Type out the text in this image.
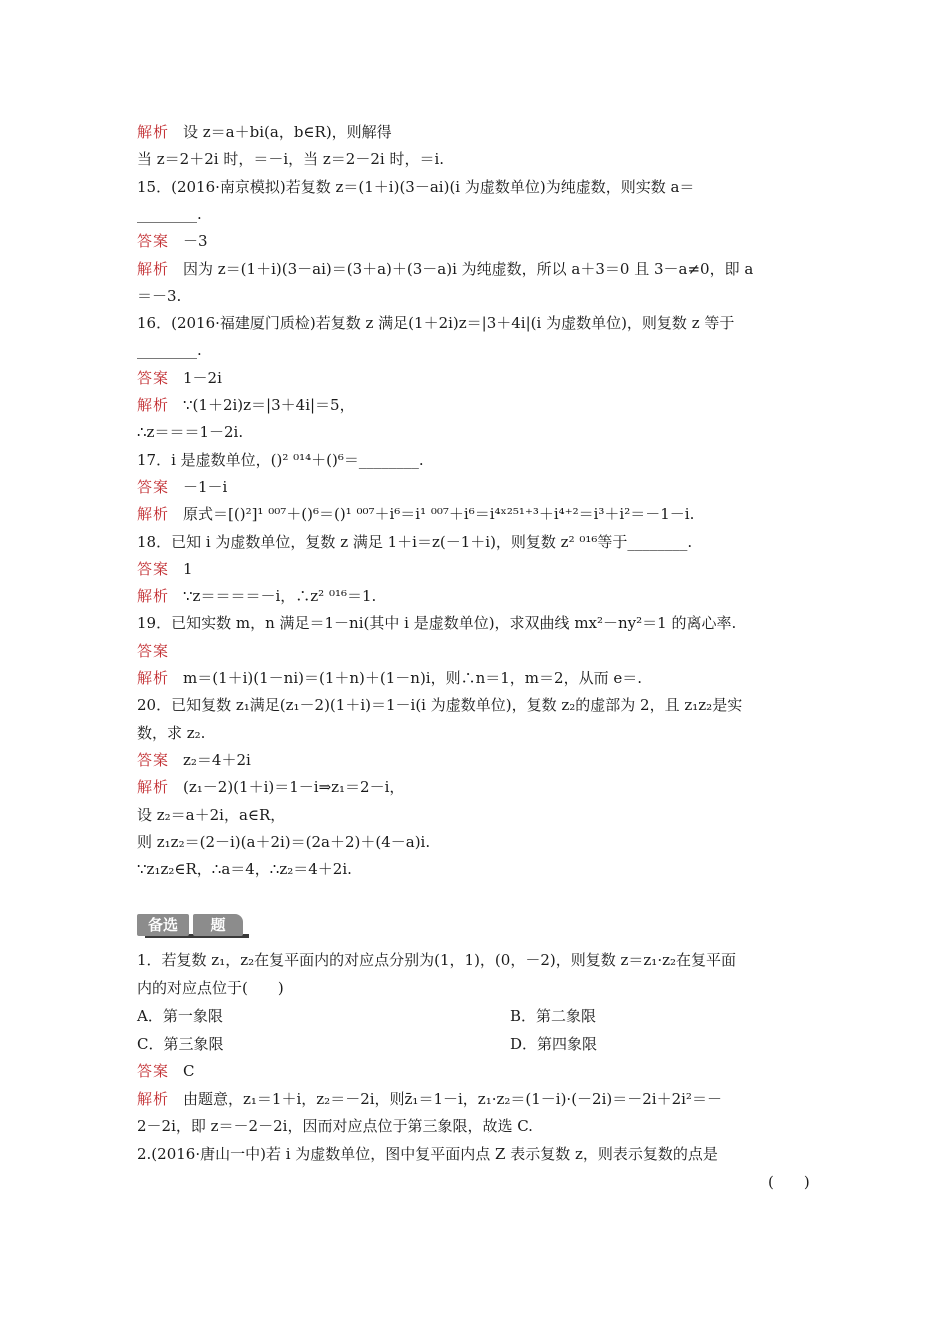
解析 设 z＝a＋bi(a，b∈R)，则解得
当 z＝2＋2i 时，＝－i，当 z＝2－2i 时，＝i.
15．(2016·南京模拟)若复数 z＝(1＋i)(3－ai)(i 为虚数单位)为纯虚数，则实数 a＝
________.
答案 －3
解析 因为 z＝(1＋i)(3－ai)＝(3＋a)＋(3－a)i 为纯虚数，所以 a＋3＝0 且 3－a≠0，即 a
＝－3.
16．(2016·福建厦门质检)若复数 z 满足(1＋2i)z＝|3＋4i|(i 为虚数单位)，则复数 z 等于
________.
答案 1－2i
解析 ∵(1＋2i)z＝|3＋4i|＝5，
∴z＝＝＝1－2i.
17．i 是虚数单位，()² ⁰¹⁴＋()⁶＝________.
答案 －1－i
解析 原式＝[()²]¹ ⁰⁰⁷＋()⁶＝()¹ ⁰⁰⁷＋i⁶＝i¹ ⁰⁰⁷＋i⁶＝i⁴ˣ²⁵¹⁺³＋i⁴⁺²＝i³＋i²＝－1－i.
18．已知 i 为虚数单位，复数 z 满足 1＋i＝z(－1＋i)，则复数 z² ⁰¹⁶等于________.
答案 1
解析 ∵z＝＝＝＝－i，∴z² ⁰¹⁶＝1.
19．已知实数 m，n 满足＝1－ni(其中 i 是虚数单位)，求双曲线 mx²－ny²＝1 的离心率.
答案
解析 m＝(1＋i)(1－ni)＝(1＋n)＋(1－n)i，则∴n＝1，m＝2，从而 e＝.
20．已知复数 z₁满足(z₁－2)(1＋i)＝1－i(i 为虚数单位)，复数 z₂的虚部为 2，且 z₁z₂是实
数，求 z₂.
答案 z₂＝4＋2i
解析 (z₁－2)(1＋i)＝1－i⇒z₁＝2－i，
设 z₂＝a＋2i，a∈R，
则 z₁z₂＝(2－i)(a＋2i)＝(2a＋2)＋(4－a)i.
∵z₁z₂∈R，∴a＝4，∴z₂＝4＋2i.
备选	题
1．若复数 z₁，z₂在复平面内的对应点分别为(1，1)，(0，－2)，则复数 z＝z₁·z₂在复平面
内的对应点位于(　　)
A．第一象限	B．第二象限
C．第三象限	D．第四象限
答案 C
解析 由题意，z₁＝1＋i，z₂＝－2i，则z̄₁＝1－i，z₁·z₂＝(1－i)·(－2i)＝－2i＋2i²＝－
2－2i，即 z＝－2－2i，因而对应点位于第三象限，故选 C.
2.(2016·唐山一中)若 i 为虚数单位，图中复平面内点 Z 表示复数 z，则表示复数的点是
(　　)
